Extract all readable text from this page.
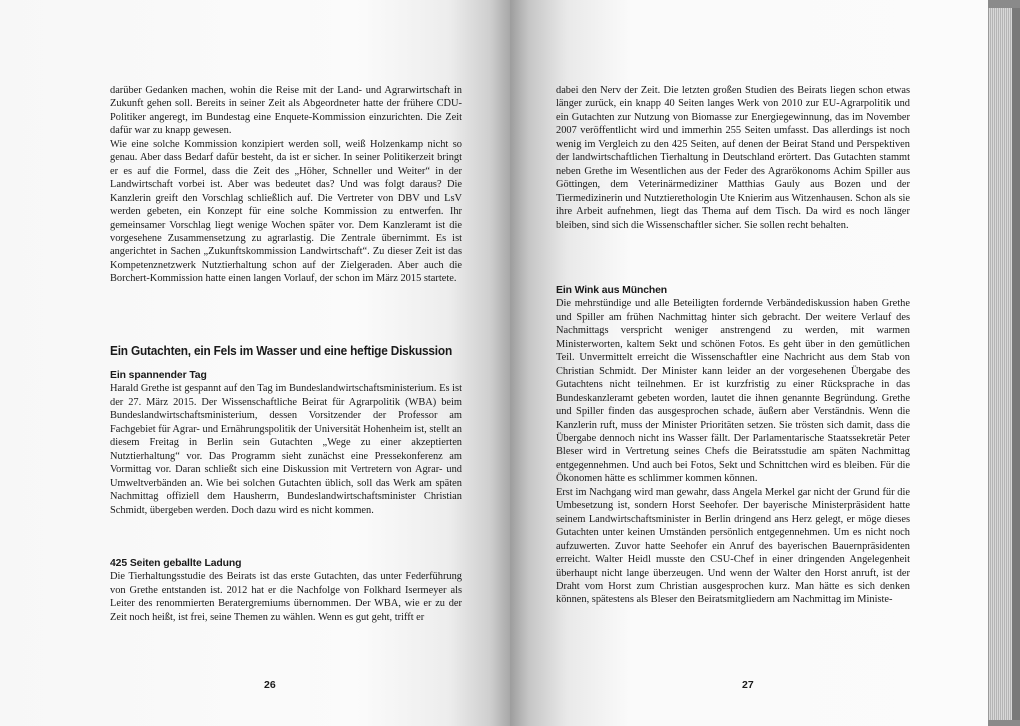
darüber Gedanken machen, wohin die Reise mit der Land- und Agrarwirtschaft in Zukunft gehen soll. Bereits in seiner Zeit als Abgeordneter hatte der frühere CDU-Politiker angeregt, im Bundestag eine Enquete-Kommission einzurichten. Die Zeit dafür war zu knapp gewesen.

Wie eine solche Kommission konzipiert werden soll, weiß Holzenkamp nicht so genau. Aber dass Bedarf dafür besteht, da ist er sicher. In seiner Politikerzeit bringt er es auf die Formel, dass die Zeit des „Höher, Schneller und Weiter“ in der Landwirtschaft vorbei ist. Aber was bedeutet das? Und was folgt daraus? Die Kanzlerin greift den Vorschlag schließlich auf. Die Vertreter von DBV und LsV werden gebeten, ein Konzept für eine solche Kommission zu entwerfen. Ihr gemeinsamer Vorschlag liegt wenige Wochen später vor. Dem Kanzleramt ist die vorgesehene Zusammensetzung zu agrarlastig. Die Zentrale übernimmt. Es ist angerichtet in Sachen „Zukunftskommission Landwirtschaft“. Zu dieser Zeit ist das Kompetenznetzwerk Nutztierhaltung schon auf der Zielgeraden. Aber auch die Borchert-Kommission hatte einen langen Vorlauf, der schon im März 2015 startete.

Ein Gutachten, ein Fels im Wasser und eine heftige Diskussion

Ein spannender Tag

Harald Grethe ist gespannt auf den Tag im Bundeslandwirtschaftsministerium. Es ist der 27. März 2015. Der Wissenschaftliche Beirat für Agrarpolitik (WBA) beim Bundeslandwirtschaftsministerium, dessen Vorsitzender der Professor am Fachgebiet für Agrar- und Ernährungspolitik der Universität Hohenheim ist, stellt an diesem Freitag in Berlin sein Gutachten „Wege zu einer akzeptierten Nutztierhaltung“ vor. Das Programm sieht zunächst eine Pressekonferenz am Vormittag vor. Daran schließt sich eine Diskussion mit Vertretern von Agrar- und Umweltverbänden an. Wie bei solchen Gutachten üblich, soll das Werk am späten Nachmittag offiziell dem Hausherrn, Bundeslandwirtschaftsminister Christian Schmidt, übergeben werden. Doch dazu wird es nicht kommen.

425 Seiten geballte Ladung

Die Tierhaltungsstudie des Beirats ist das erste Gutachten, das unter Federführung von Grethe entstanden ist. 2012 hat er die Nachfolge von Folkhard Isermeyer als Leiter des renommierten Beratergremiums übernommen. Der WBA, wie er zu der Zeit noch heißt, ist frei, seine Themen zu wählen. Wenn es gut geht, trifft er

26

dabei den Nerv der Zeit. Die letzten großen Studien des Beirats liegen schon etwas länger zurück, ein knapp 40 Seiten langes Werk von 2010 zur EU-Agrarpolitik und ein Gutachten zur Nutzung von Biomasse zur Energiegewinnung, das im November 2007 veröffentlicht wird und immerhin 255 Seiten umfasst. Das allerdings ist noch wenig im Vergleich zu den 425 Seiten, auf denen der Beirat Stand und Perspektiven der landwirtschaftlichen Tierhaltung in Deutschland erörtert. Das Gutachten stammt neben Grethe im Wesentlichen aus der Feder des Agrarökonoms Achim Spiller aus Göttingen, dem Veterinärmediziner Matthias Gauly aus Bozen und der Tiermedizinerin und Nutztierethologin Ute Knierim aus Witzenhausen. Schon als sie ihre Arbeit aufnehmen, liegt das Thema auf dem Tisch. Da wird es noch länger bleiben, sind sich die Wissenschaftler sicher. Sie sollen recht behalten.

Ein Wink aus München

Die mehrstündige und alle Beteiligten fordernde Verbändediskussion haben Grethe und Spiller am frühen Nachmittag hinter sich gebracht. Der weitere Verlauf des Nachmittags verspricht weniger anstrengend zu werden, mit warmen Ministerworten, kaltem Sekt und schönen Fotos. Es geht über in den gemütlichen Teil. Unvermittelt erreicht die Wissenschaftler eine Nachricht aus dem Stab von Christian Schmidt. Der Minister kann leider an der vorgesehenen Übergabe des Gutachtens nicht teilnehmen. Er ist kurzfristig zu einer Rücksprache in das Bundeskanzleramt gebeten worden, lautet die ihnen genannte Begründung. Grethe und Spiller finden das ausgesprochen schade, äußern aber Verständnis. Wenn die Kanzlerin ruft, muss der Minister Prioritäten setzen. Sie trösten sich damit, dass die Übergabe dennoch nicht ins Wasser fällt. Der Parlamentarische Staatssekretär Peter Bleser wird in Vertretung seines Chefs die Beiratsstudie am späten Nachmittag entgegennehmen. Und auch bei Fotos, Sekt und Schnittchen wird es bleiben. Für die Ökonomen hätte es schlimmer kommen können.

Erst im Nachgang wird man gewahr, dass Angela Merkel gar nicht der Grund für die Umbesetzung ist, sondern Horst Seehofer. Der bayerische Ministerpräsident hatte seinem Landwirtschaftsminister in Berlin dringend ans Herz gelegt, er möge dieses Gutachten unter keinen Umständen persönlich entgegennehmen. Um es nicht noch aufzuwerten. Zuvor hatte Seehofer ein Anruf des bayerischen Bauernpräsidenten erreicht. Walter Heidl musste den CSU-Chef in einer dringenden Angelegenheit überhaupt nicht lange überzeugen. Und wenn der Walter den Horst anruft, ist der Draht vom Horst zum Christian ausgesprochen kurz. Man hätte es sich denken können, spätestens als Bleser den Beiratsmitgliedern am Nachmittag im Ministe-

27
